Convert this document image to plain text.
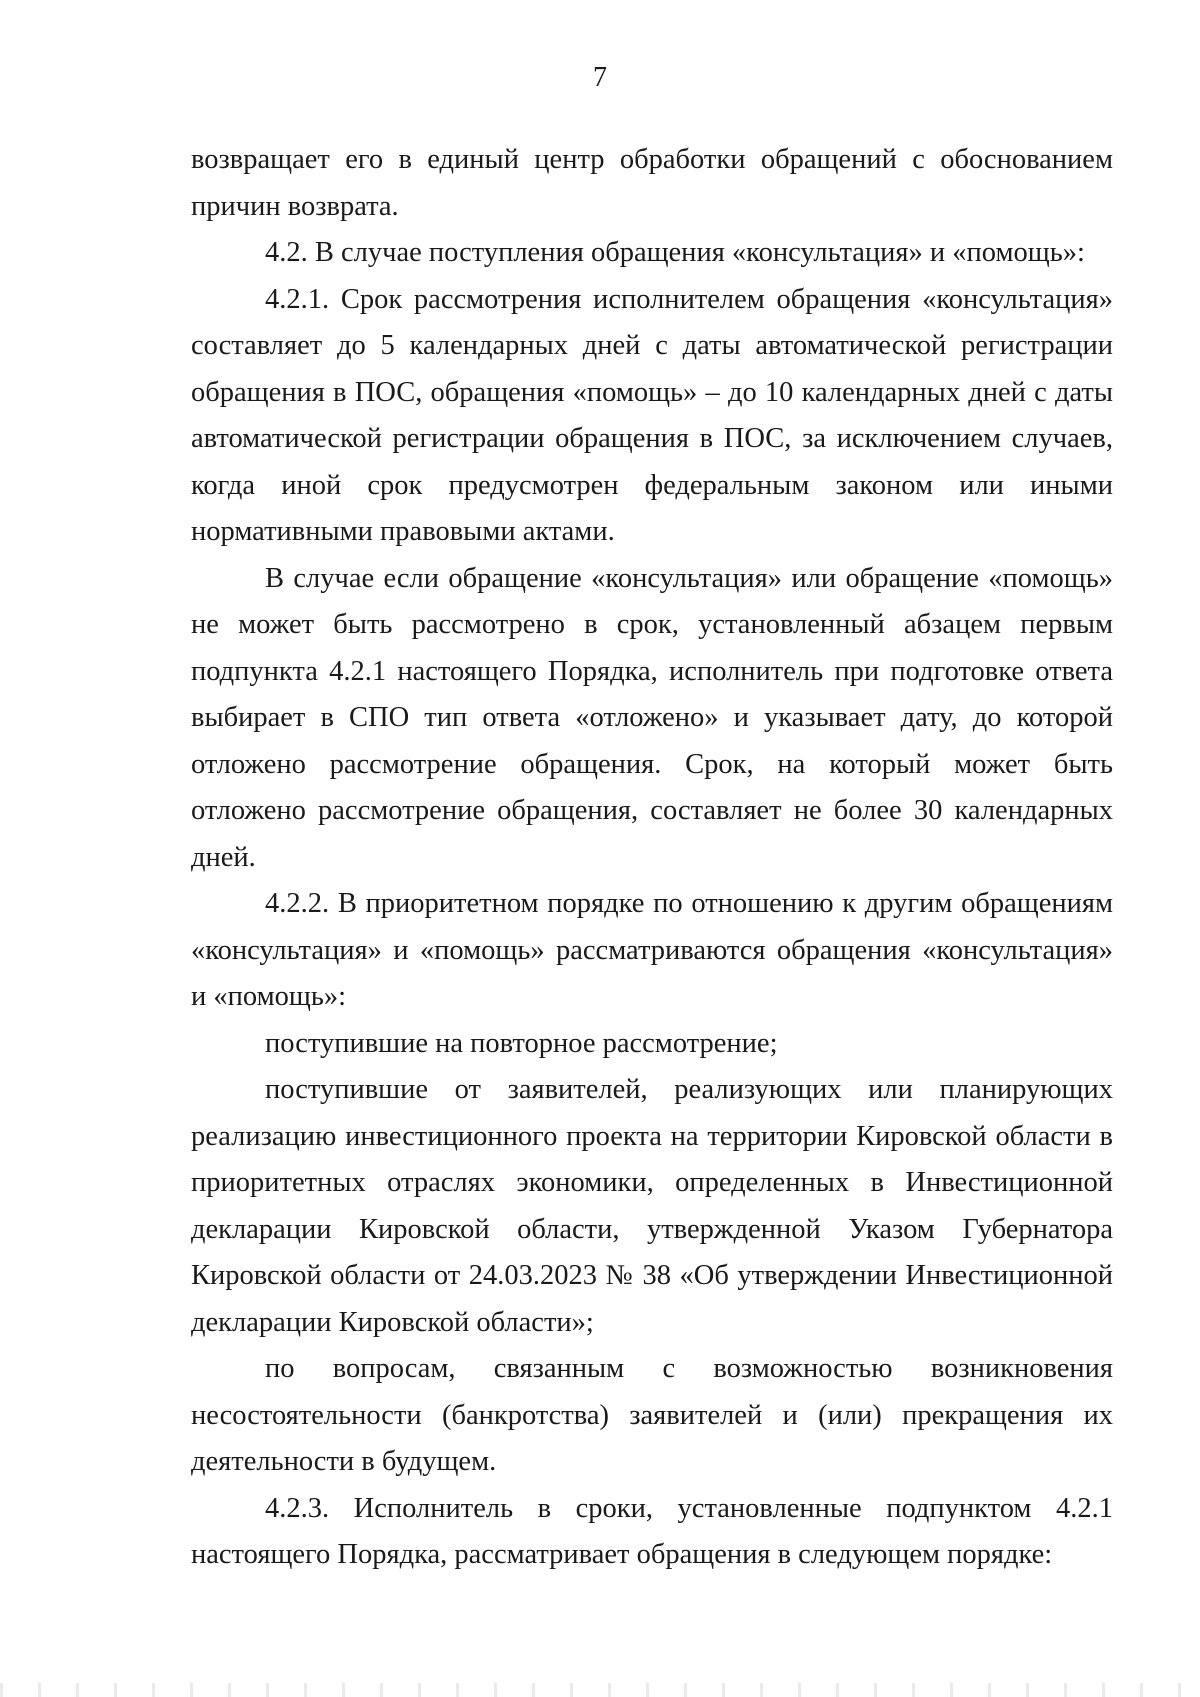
7

возвращает его в единый центр обработки обращений с обоснованием причин возврата.

4.2. В случае поступления обращения «консультация» и «помощь»:

4.2.1. Срок рассмотрения исполнителем обращения «консультация» составляет до 5 календарных дней с даты автоматической регистрации обращения в ПОС, обращения «помощь» – до 10 календарных дней с даты автоматической регистрации обращения в ПОС, за исключением случаев, когда иной срок предусмотрен федеральным законом или иными нормативными правовыми актами.

В случае если обращение «консультация» или обращение «помощь» не может быть рассмотрено в срок, установленный абзацем первым подпункта 4.2.1 настоящего Порядка, исполнитель при подготовке ответа выбирает в СПО тип ответа «отложено» и указывает дату, до которой отложено рассмотрение обращения. Срок, на который может быть отложено рассмотрение обращения, составляет не более 30 календарных дней.

4.2.2. В приоритетном порядке по отношению к другим обращениям «консультация» и «помощь» рассматриваются обращения «консультация» и «помощь»:

поступившие на повторное рассмотрение;

поступившие от заявителей, реализующих или планирующих реализацию инвестиционного проекта на территории Кировской области в приоритетных отраслях экономики, определенных в Инвестиционной декларации Кировской области, утвержденной Указом Губернатора Кировской области от 24.03.2023 № 38 «Об утверждении Инвестиционной декларации Кировской области»;

по вопросам, связанным с возможностью возникновения несостоятельности (банкротства) заявителей и (или) прекращения их деятельности в будущем.

4.2.3. Исполнитель в сроки, установленные подпунктом 4.2.1 настоящего Порядка, рассматривает обращения в следующем порядке:
